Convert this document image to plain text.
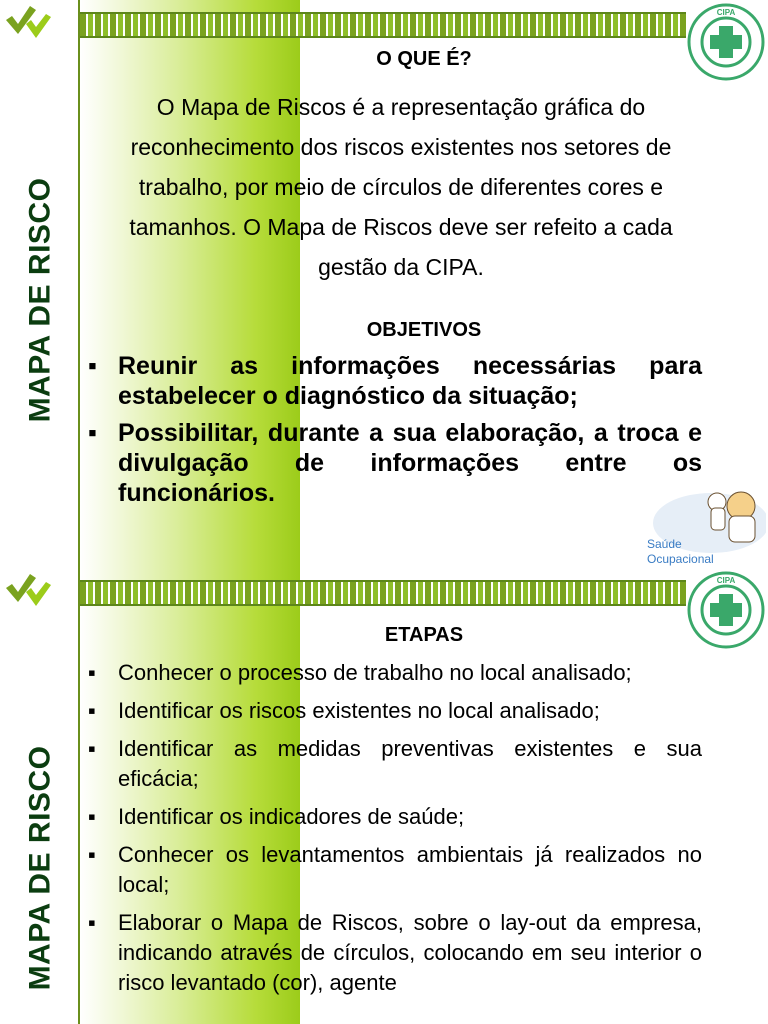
CIPA
MAPA DE RISCO
O QUE É?
O Mapa de Riscos é a representação gráfica do reconhecimento dos riscos existentes nos setores de trabalho, por meio de círculos de diferentes cores e tamanhos. O Mapa de Riscos deve ser refeito a cada gestão da CIPA.
OBJETIVOS
▪ Reunir as informações necessárias para estabelecer o diagnóstico da situação;
▪ Possibilitar, durante a sua elaboração, a troca e divulgação de informações entre os funcionários.
Saúde
Ocupacional
CIPA
MAPA DE RISCO
ETAPAS
▪ Conhecer o processo de trabalho no local analisado;
▪ Identificar os riscos existentes no local analisado;
▪ Identificar as medidas preventivas existentes e sua eficácia;
▪ Identificar os indicadores de saúde;
▪ Conhecer os levantamentos ambientais já realizados no local;
▪ Elaborar o Mapa de Riscos, sobre o lay-out da empresa, indicando através de círculos, colocando em seu interior o risco levantado (cor), agente
